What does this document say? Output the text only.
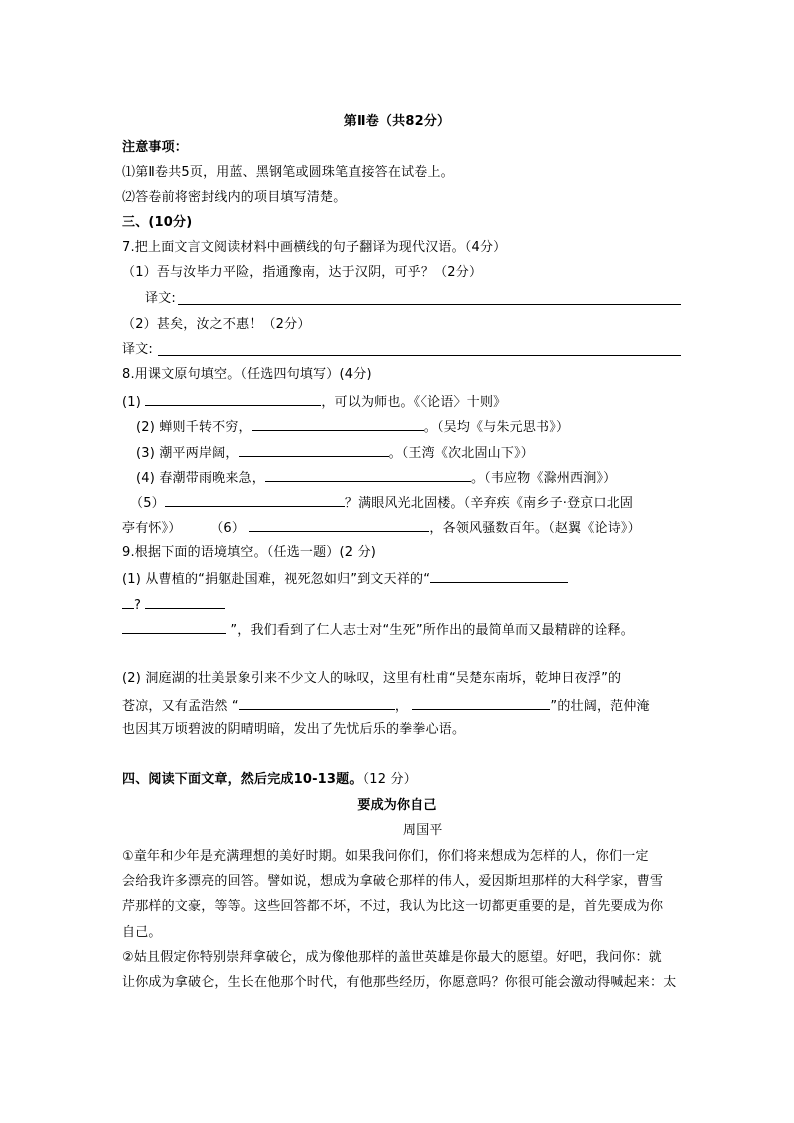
第Ⅱ卷（共82分）
注意事项：
⑴第Ⅱ卷共5页，用蓝、黑钢笔或圆珠笔直接答在试卷上。
⑵答卷前将密封线内的项目填写清楚。
三、(10分)
7.把上面文言文阅读材料中画横线的句子翻译为现代汉语。（4分）
（1）吾与汝毕力平险，指通豫南，达于汉阴，可乎？（2分）
译文:
（2）甚矣，汝之不惠！（2分）
译文:
8.用课文原句填空。（任选四句填写）(4分)
(1)	，可以为师也。《〈论语〉十则》
(2) 蝉则千转不穷，	。（吴均《与朱元思书》）
(3) 潮平两岸阔，	。（王湾《次北固山下》）
(4) 春潮带雨晚来急，	。（韦应物《滁州西涧》）
（5）	？满眼风光北固楼。（辛弃疾《南乡子·登京口北固
亭有怀》） （6）	，各领风骚数百年。（赵翼《论诗》）
9.根据下面的语境填空。（任选一题）(2 分)
(1) 从曹植的“捐躯赴国难，视死忽如归”到文天祥的“
?
”，我们看到了仁人志士对“生死”所作出的最简单而又最精辟的诠释。
(2) 洞庭湖的壮美景象引来不少文人的咏叹，这里有杜甫“吴楚东南坼，乾坤日夜浮”的
苍凉，又有孟浩然 “	，	”的壮阔，范仲淹
也因其万顷碧波的阴晴明暗，发出了先忧后乐的拳拳心语。
四、阅读下面文章，然后完成10-13题。（12 分）
要成为你自己
周国平
①童年和少年是充满理想的美好时期。如果我问你们，你们将来想成为怎样的人，你们一定
会给我许多漂亮的回答。譬如说，想成为拿破仑那样的伟人，爱因斯坦那样的大科学家，曹雪
芹那样的文豪，等等。这些回答都不坏，不过，我认为比这一切都更重要的是，首先要成为你
自己。
②姑且假定你特别崇拜拿破仑，成为像他那样的盖世英雄是你最大的愿望。好吧，我问你：就
让你成为拿破仑，生长在他那个时代，有他那些经历，你愿意吗？你很可能会激动得喊起来：太
